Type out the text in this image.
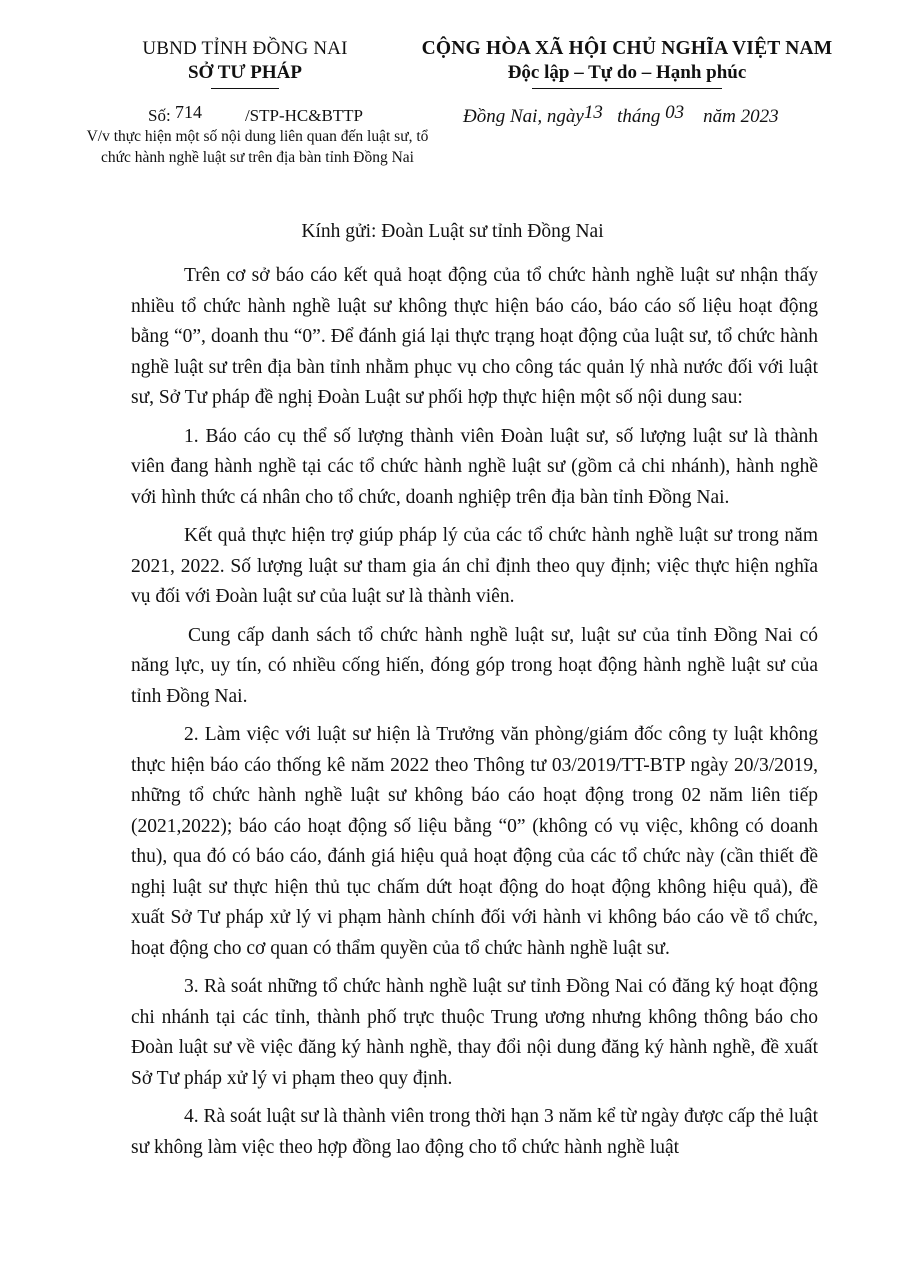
UBND TỈNH ĐỒNG NAI
SỞ TƯ PHÁP
CỘNG HÒA XÃ HỘI CHỦ NGHĨA VIỆT NAM
Độc lập – Tự do – Hạnh phúc
Số: 714	/STP-HC&BTTP
V/v thực hiện một số nội dung liên quan đến luật sư, tổ chức hành nghề luật sư trên địa bàn tỉnh Đồng Nai
Đồng Nai, ngày13 tháng 03 năm 2023
Kính gửi: Đoàn Luật sư tỉnh Đồng Nai

Trên cơ sở báo cáo kết quả hoạt động của tổ chức hành nghề luật sư nhận thấy nhiều tổ chức hành nghề luật sư không thực hiện báo cáo, báo cáo số liệu hoạt động bằng “0”, doanh thu “0”. Để đánh giá lại thực trạng hoạt động của luật sư, tổ chức hành nghề luật sư trên địa bàn tỉnh nhằm phục vụ cho công tác quản lý nhà nước đối với luật sư, Sở Tư pháp đề nghị Đoàn Luật sư phối hợp thực hiện một số nội dung sau:

1. Báo cáo cụ thể số lượng thành viên Đoàn luật sư, số lượng luật sư là thành viên đang hành nghề tại các tổ chức hành nghề luật sư (gồm cả chi nhánh), hành nghề với hình thức cá nhân cho tổ chức, doanh nghiệp trên địa bàn tỉnh Đồng Nai.

Kết quả thực hiện trợ giúp pháp lý của các tổ chức hành nghề luật sư trong năm 2021, 2022. Số lượng luật sư tham gia án chỉ định theo quy định; việc thực hiện nghĩa vụ đối với Đoàn luật sư của luật sư là thành viên.

Cung cấp danh sách tổ chức hành nghề luật sư, luật sư của tỉnh Đồng Nai có năng lực, uy tín, có nhiều cống hiến, đóng góp trong hoạt động hành nghề luật sư của tỉnh Đồng Nai.

2. Làm việc với luật sư hiện là Trưởng văn phòng/giám đốc công ty luật không thực hiện báo cáo thống kê năm 2022 theo Thông tư 03/2019/TT-BTP ngày 20/3/2019, những tổ chức hành nghề luật sư không báo cáo hoạt động trong 02 năm liên tiếp (2021,2022); báo cáo hoạt động số liệu bằng “0” (không có vụ việc, không có doanh thu), qua đó có báo cáo, đánh giá hiệu quả hoạt động của các tổ chức này (cần thiết đề nghị luật sư thực hiện thủ tục chấm dứt hoạt động do hoạt động không hiệu quả), đề xuất Sở Tư pháp xử lý vi phạm hành chính đối với hành vi không báo cáo về tổ chức, hoạt động cho cơ quan có thẩm quyền của tổ chức hành nghề luật sư.

3. Rà soát những tổ chức hành nghề luật sư tỉnh Đồng Nai có đăng ký hoạt động chi nhánh tại các tỉnh, thành phố trực thuộc Trung ương nhưng không thông báo cho Đoàn luật sư về việc đăng ký hành nghề, thay đổi nội dung đăng ký hành nghề, đề xuất Sở Tư pháp xử lý vi phạm theo quy định.

4. Rà soát luật sư là thành viên trong thời hạn 3 năm kể từ ngày được cấp thẻ luật sư không làm việc theo hợp đồng lao động cho tổ chức hành nghề luật
